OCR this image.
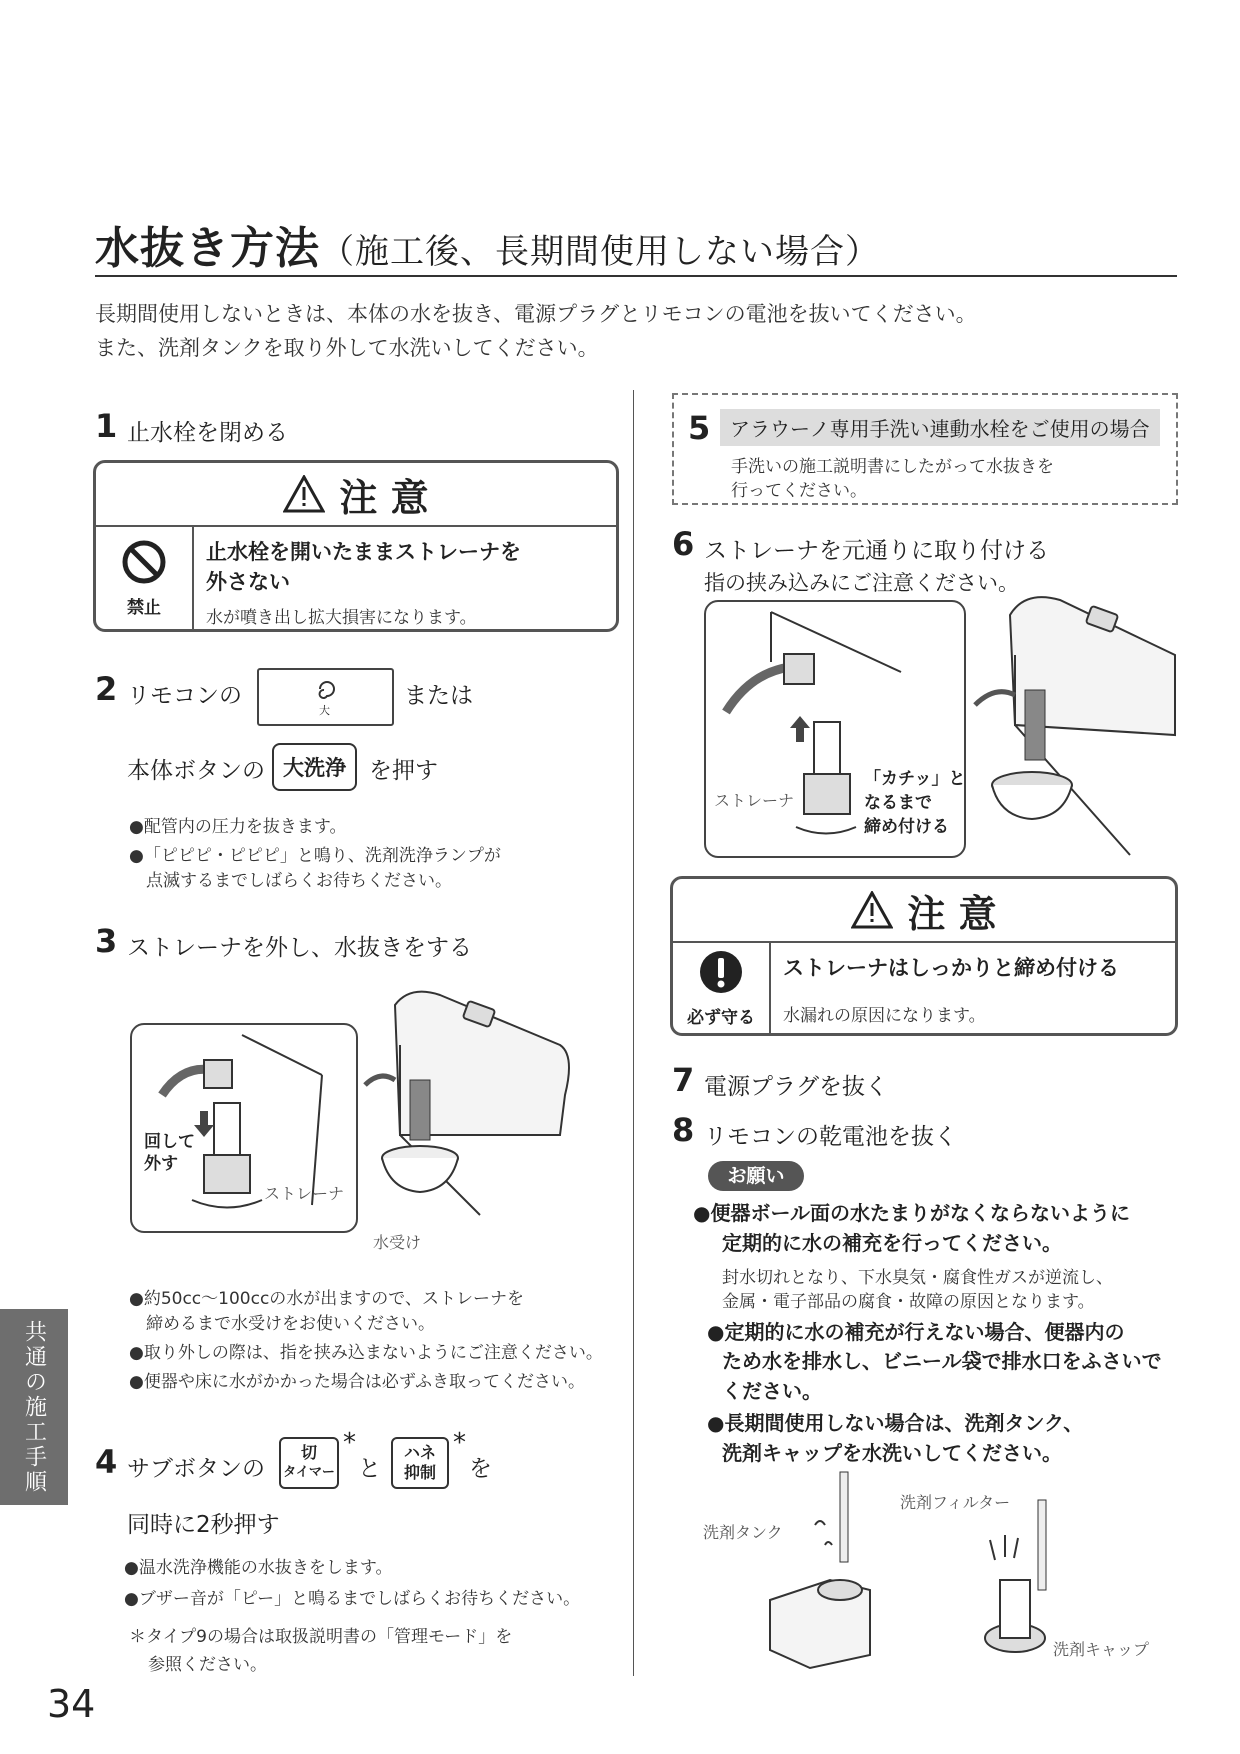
水抜き方法（施工後、長期間使用しない場合）
長期間使用しないときは、本体の水を抜き、電源プラグとリモコンの電池を抜いてください。
また、洗剤タンクを取り外して水洗いしてください。
1 止水栓を閉める
注 意
禁止
止水栓を開いたままストレーナを
外さない
水が噴き出し拡大損害になります。
2 リモコンの
大
または
本体ボタンの 大洗浄	を押す
●配管内の圧力を抜きます。
●「ピピピ・ピピピ」と鳴り、洗剤洗浄ランプが
点滅するまでしばらくお待ちください。
3 ストレーナを外し、水抜きをする
回して
外す
ストレーナ
水受け
●約50cc～100ccの水が出ますので、ストレーナを
締めるまで水受けをお使いください。
●取り外しの際は、指を挟み込まないようにご注意ください。
●便器や床に水がかかった場合は必ずふき取ってください。
4 サブボタンの
切
タイマー
*
と
ハネ
抑制
*
を
同時に2秒押す
●温水洗浄機能の水抜きをします。
●ブザー音が「ピー」と鳴るまでしばらくお待ちください。
＊タイプ9の場合は取扱説明書の「管理モード」を
参照ください。
5 アラウーノ専用手洗い連動水栓をご使用の場合
手洗いの施工説明書にしたがって水抜きを
行ってください。
6 ストレーナを元通りに取り付ける
指の挟み込みにご注意ください。
ストレーナ
「カチッ」と
なるまで
締め付ける
注 意
必ず守る
ストレーナはしっかりと締め付ける
水漏れの原因になります。
7 電源プラグを抜く
8 リモコンの乾電池を抜く
お願い
●便器ボール面の水たまりがなくならないように
定期的に水の補充を行ってください。
封水切れとなり、下水臭気・腐食性ガスが逆流し、
金属・電子部品の腐食・故障の原因となります。
●定期的に水の補充が行えない場合、便器内の
ため水を排水し、ビニール袋で排水口をふさいで
ください。
●長期間使用しない場合は、洗剤タンク、
洗剤キャップを水洗いしてください。
洗剤フィルター
洗剤タンク
洗剤キャップ
共通の施工手順
34
